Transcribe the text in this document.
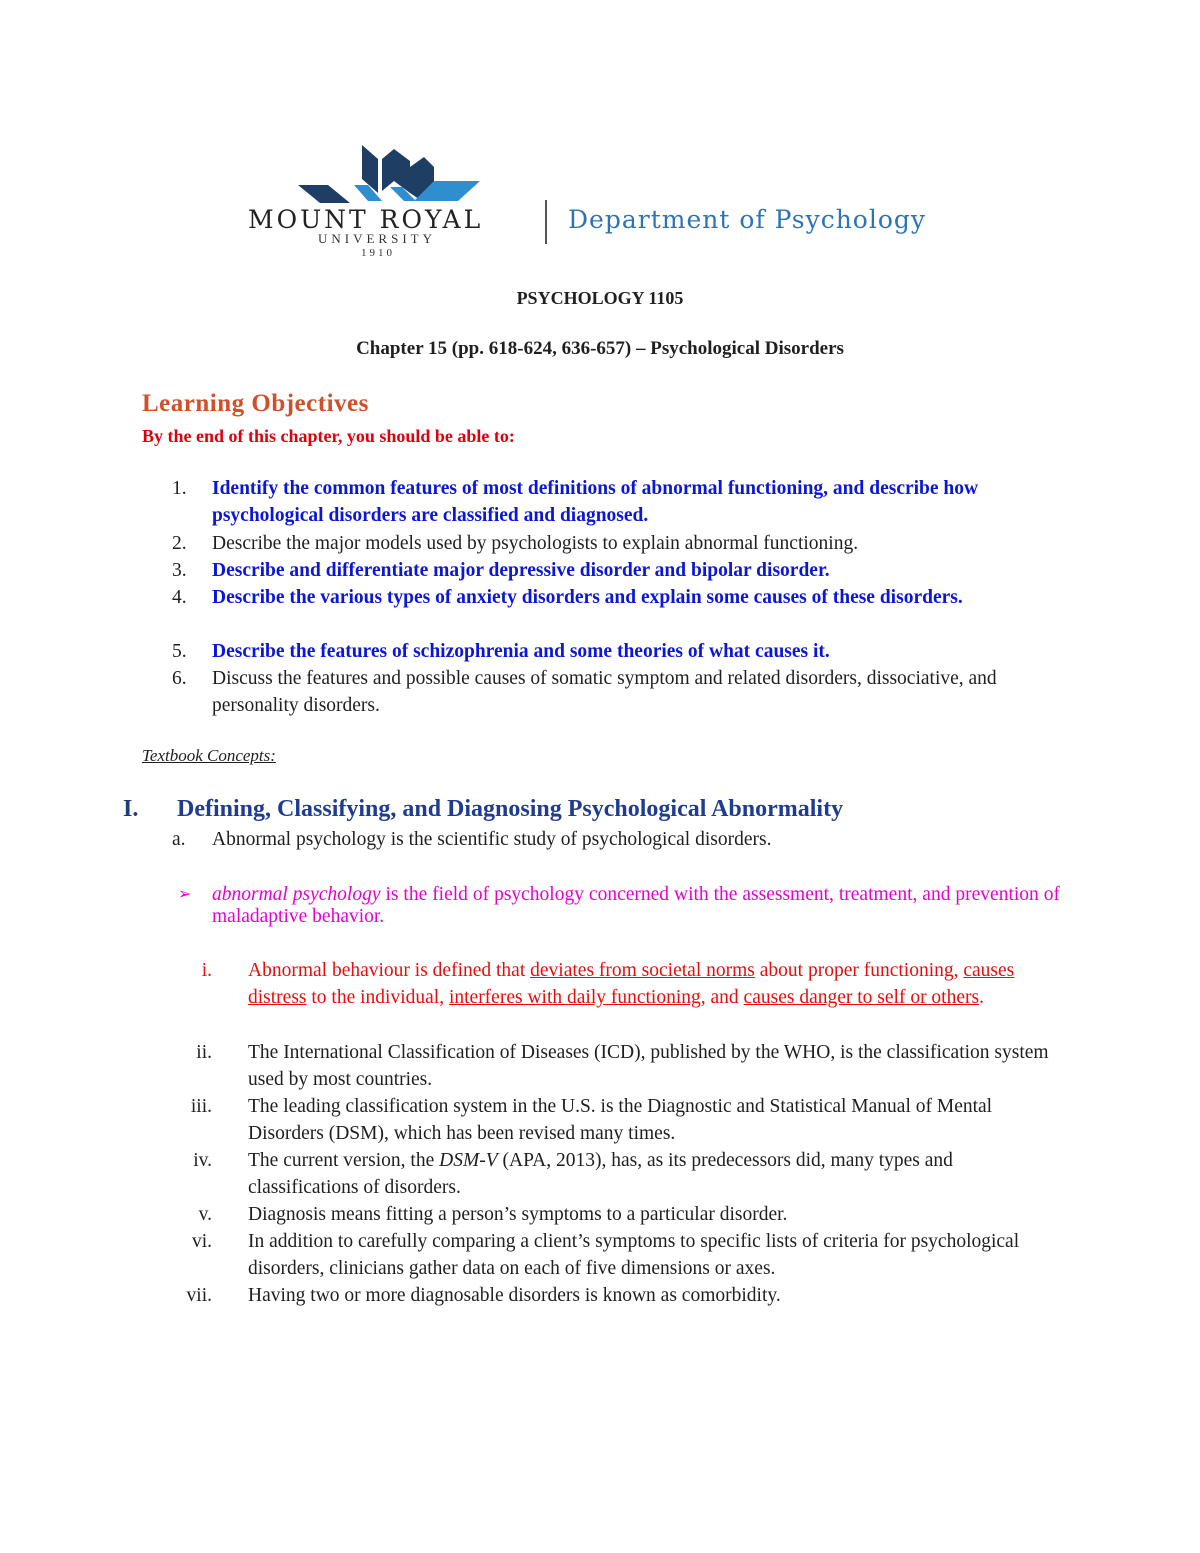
MOUNT ROYAL
UNIVERSITY
1910
Department of Psychology
PSYCHOLOGY 1105
Chapter 15 (pp. 618-624, 636-657) – Psychological Disorders
Learning Objectives
By the end of this chapter, you should be able to:
1.	Identify the common features of most definitions of abnormal functioning, and describe how psychological disorders are classified and diagnosed.
2.	Describe the major models used by psychologists to explain abnormal functioning.
3.	Describe and differentiate major depressive disorder and bipolar disorder.
4.	Describe the various types of anxiety disorders and explain some causes of these disorders.
5.	Describe the features of schizophrenia and some theories of what causes it.
6.	Discuss the features and possible causes of somatic symptom and related disorders, dissociative, and personality disorders.
Textbook Concepts:
I. Defining, Classifying, and Diagnosing Psychological Abnormality
a. Abnormal psychology is the scientific study of psychological disorders.
➢ abnormal psychology is the field of psychology concerned with the assessment, treatment, and prevention of maladaptive behavior.
i. Abnormal behaviour is defined that deviates from societal norms about proper functioning, causes distress to the individual, interferes with daily functioning, and causes danger to self or others.
ii. The International Classification of Diseases (ICD), published by the WHO, is the classification system used by most countries.
iii. The leading classification system in the U.S. is the Diagnostic and Statistical Manual of Mental Disorders (DSM), which has been revised many times.
iv. The current version, the DSM-V (APA, 2013), has, as its predecessors did, many types and classifications of disorders.
v. Diagnosis means fitting a person’s symptoms to a particular disorder.
vi. In addition to carefully comparing a client’s symptoms to specific lists of criteria for psychological disorders, clinicians gather data on each of five dimensions or axes.
vii. Having two or more diagnosable disorders is known as comorbidity.
